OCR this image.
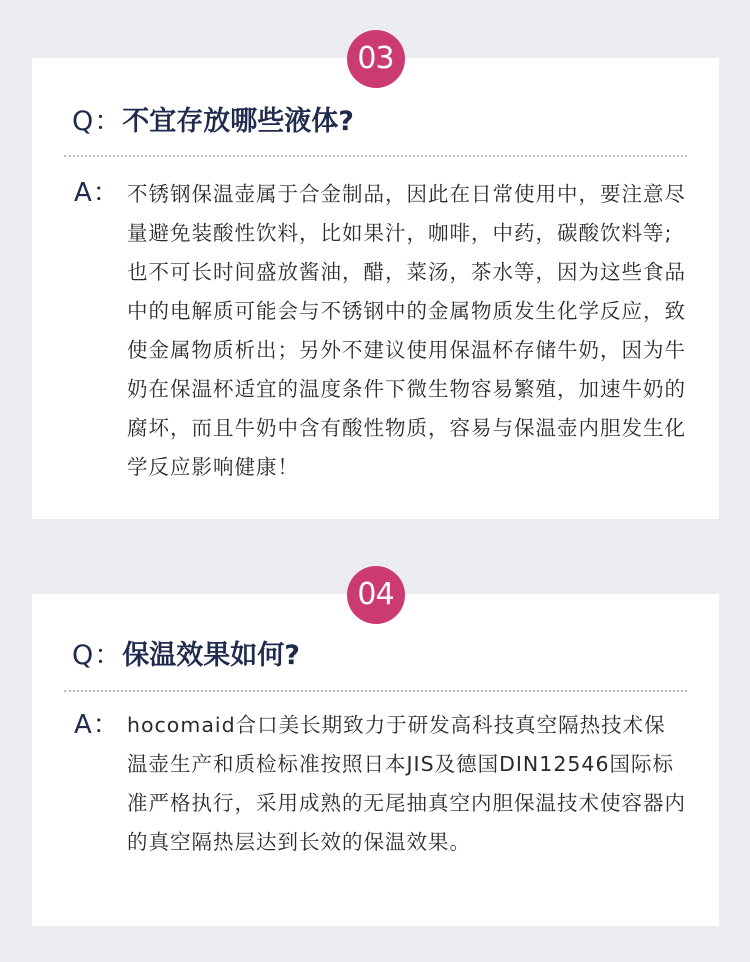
03
Q：不宜存放哪些液体?
A： 不锈钢保温壶属于合金制品，因此在日常使用中，要注意尽量避免装酸性饮料，比如果汁，咖啡，中药，碳酸饮料等;也不可长时间盛放酱油，醋，菜汤，茶水等，因为这些食品中的电解质可能会与不锈钢中的金属物质发生化学反应，致使金属物质析出；另外不建议使用保温杯存储牛奶，因为牛奶在保温杯适宜的温度条件下微生物容易繁殖，加速牛奶的腐坏，而且牛奶中含有酸性物质，容易与保温壶内胆发生化学反应影响健康！
04
Q：保温效果如何?
A： hocomaid合口美长期致力于研发高科技真空隔热技术保温壶生产和质检标准按照日本JIS及德国DIN12546国际标准严格执行，采用成熟的无尾抽真空内胆保温技术使容器内的真空隔热层达到长效的保温效果。
